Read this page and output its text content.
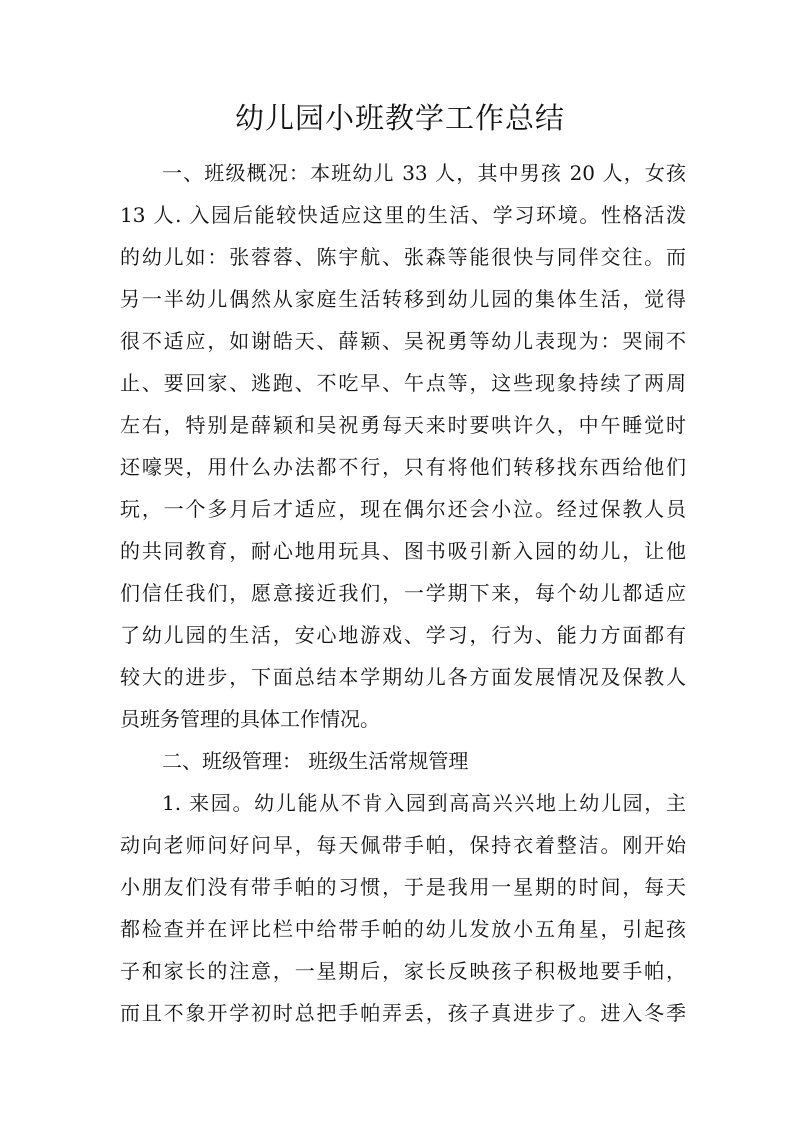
幼儿园小班教学工作总结
一、班级概况：本班幼儿 33 人，其中男孩 20 人，女孩
13 人. 入园后能较快适应这里的生活、学习环境。性格活泼
的幼儿如：张蓉蓉、陈宇航、张森等能很快与同伴交往。而
另一半幼儿偶然从家庭生活转移到幼儿园的集体生活，觉得
很不适应，如谢皓天、薛颖、吴祝勇等幼儿表现为：哭闹不
止、要回家、逃跑、不吃早、午点等，这些现象持续了两周
左右，特别是薛颖和吴祝勇每天来时要哄许久，中午睡觉时
还嚎哭，用什么办法都不行，只有将他们转移找东西给他们
玩，一个多月后才适应，现在偶尔还会小泣。经过保教人员
的共同教育，耐心地用玩具、图书吸引新入园的幼儿，让他
们信任我们，愿意接近我们，一学期下来，每个幼儿都适应
了幼儿园的生活，安心地游戏、学习，行为、能力方面都有
较大的进步，下面总结本学期幼儿各方面发展情况及保教人
员班务管理的具体工作情况。
二、班级管理： 班级生活常规管理
1. 来园。幼儿能从不肯入园到高高兴兴地上幼儿园，主
动向老师问好问早，每天佩带手帕，保持衣着整洁。刚开始
小朋友们没有带手帕的习惯，于是我用一星期的时间，每天
都检查并在评比栏中给带手帕的幼儿发放小五角星，引起孩
子和家长的注意，一星期后，家长反映孩子积极地要手帕，
而且不象开学初时总把手帕弄丢，孩子真进步了。进入冬季
